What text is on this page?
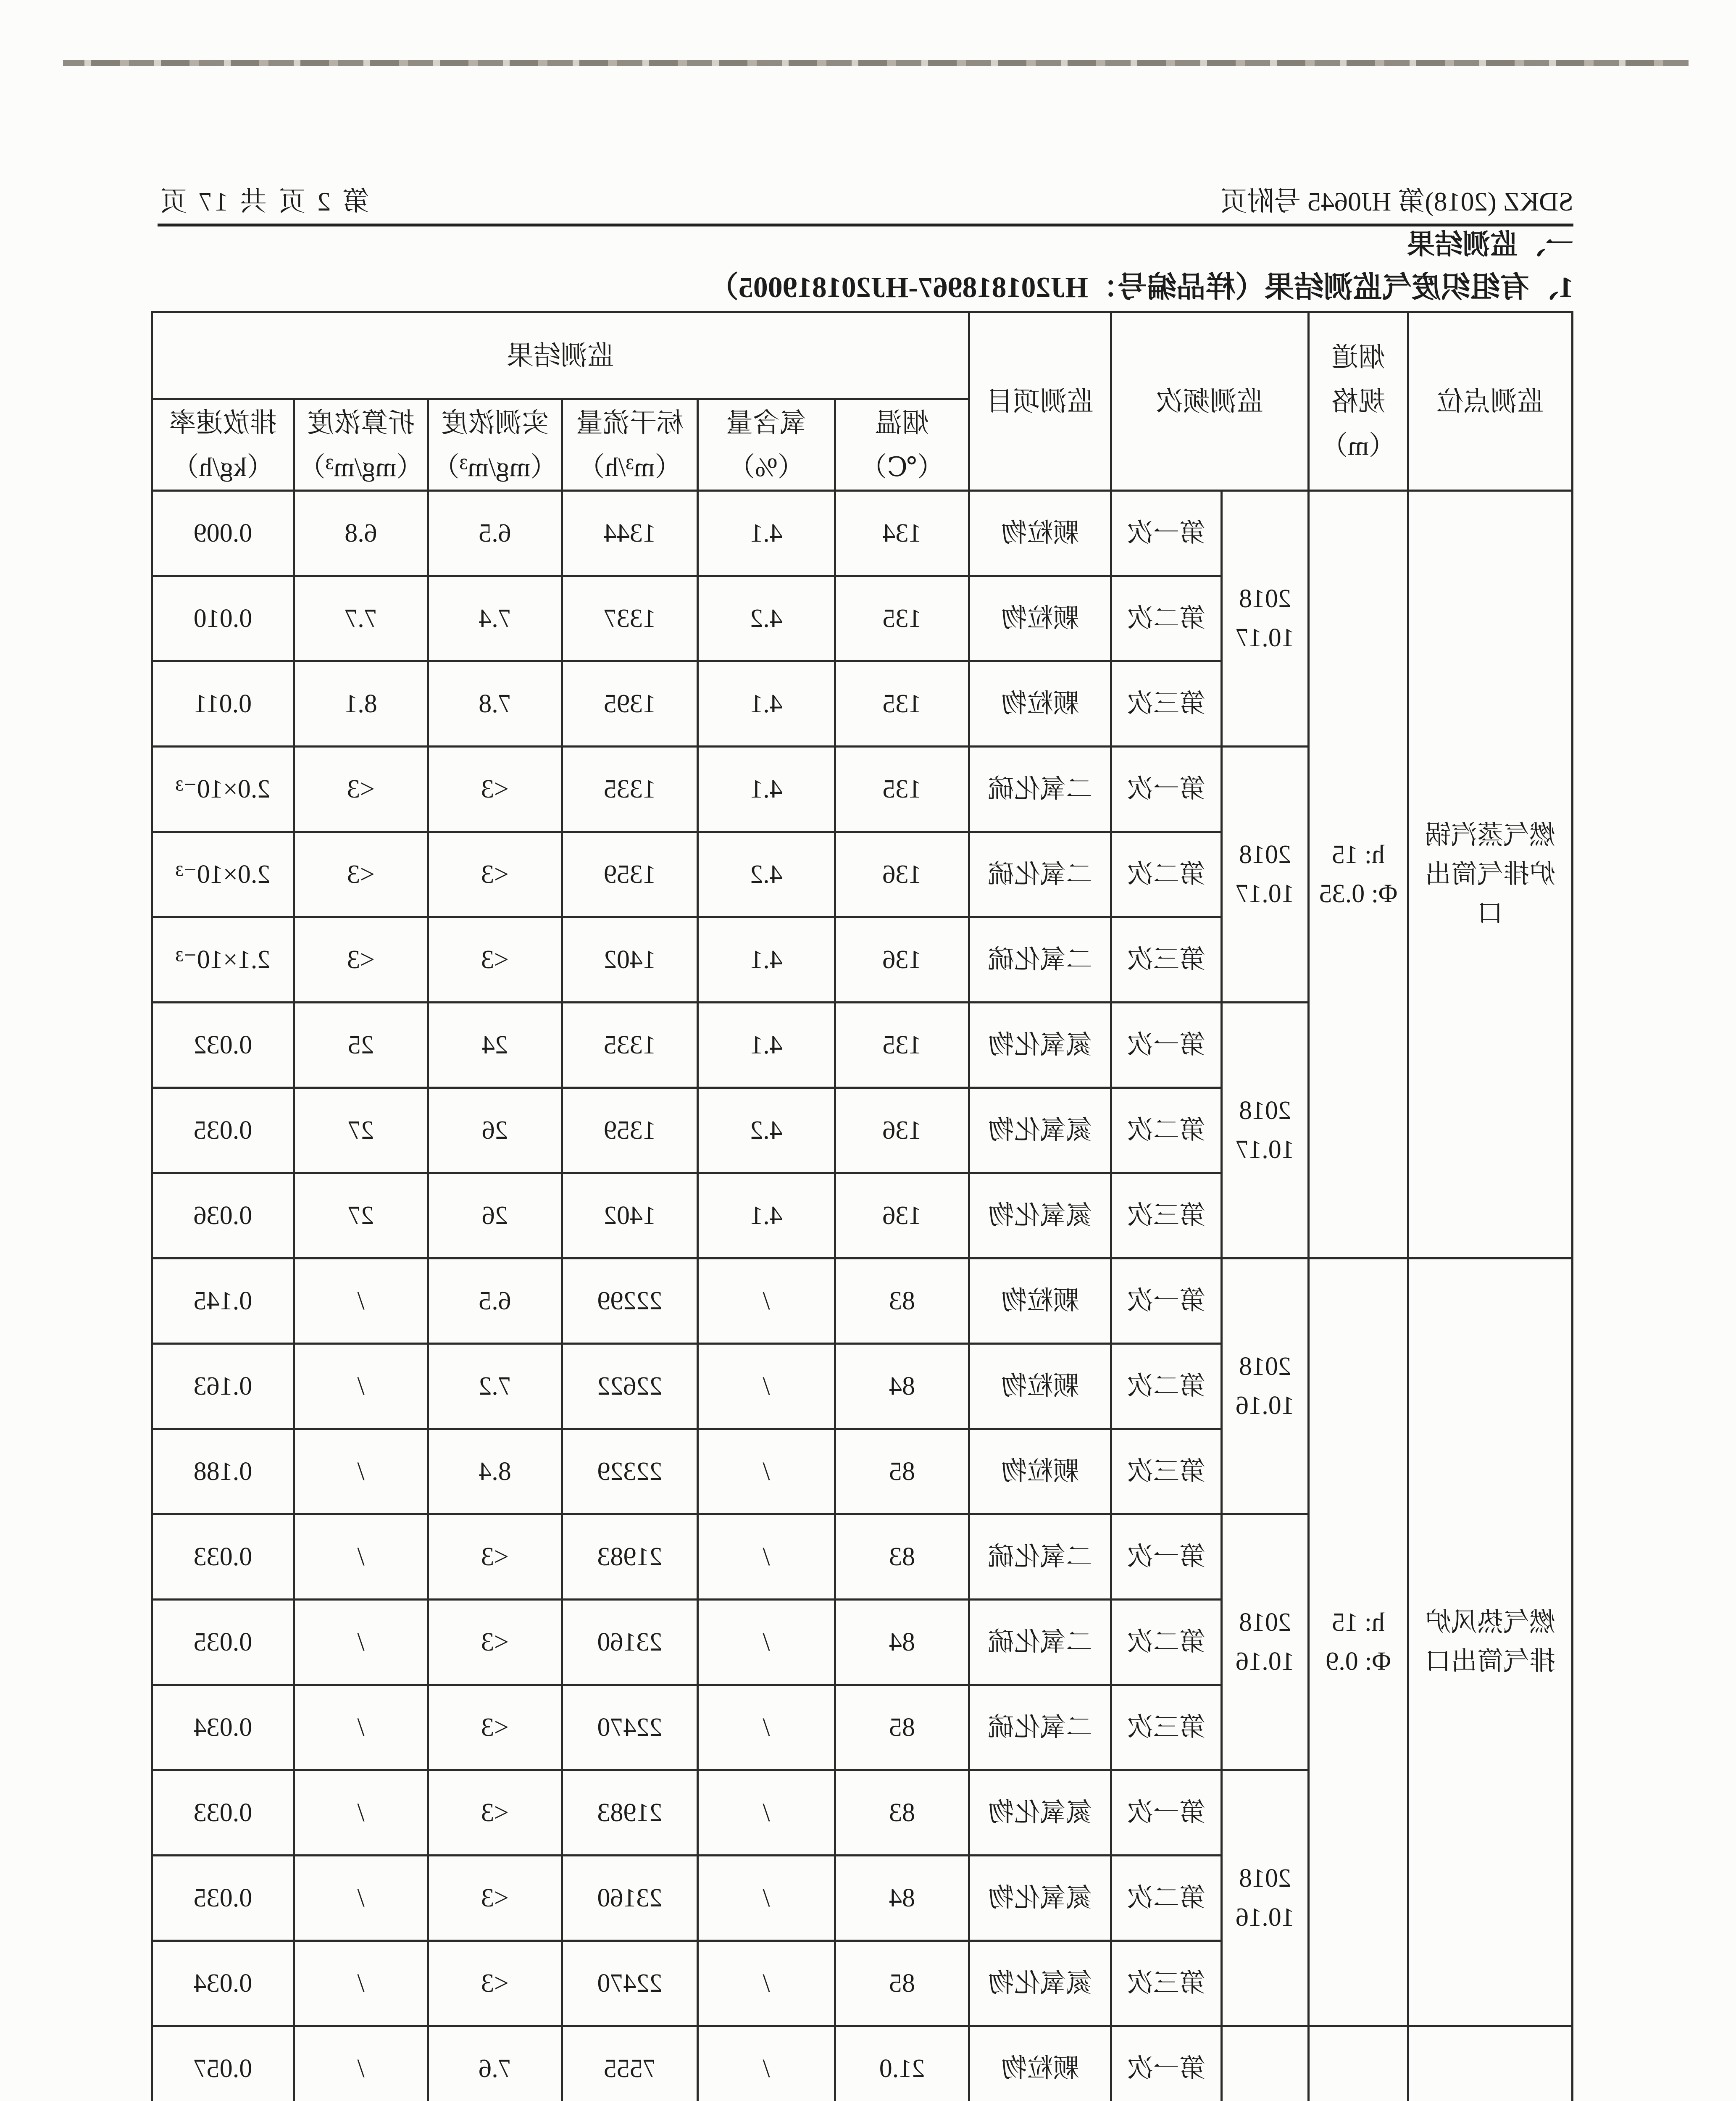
SDKZ (2018)第 HJ0645 号附页
第 2 页 共 17 页
一、监测结果
1、有组织废气监测结果（样品编号：HJ201818967-HJ201819005）
监测点位	烟道
规格
（m）	监测频次		监测项目	监测结果					

					烟温
（℃）	氧含量
（%）	标干流量
（m³/h）	实测浓度
（mg/m³）	折算浓度
（mg/m³）	排放速率
（kg/h）

燃气蒸汽锅
炉排气筒出
口	h: 15
Φ: 0.35	2018
10.17	第一次	颗粒物	134	4.1	1344	6.5	6.8	0.009
			第二次	颗粒物	135	4.2	1337	7.4	7.7	0.010
			第三次	颗粒物	135	4.1	1395	7.8	8.1	0.011

		2018
10.17	第一次	二氧化硫	135	4.1	1335	<3	<3	2.0×10⁻³
			第二次	二氧化硫	136	4.2	1359	<3	<3	2.0×10⁻³
			第三次	二氧化硫	136	4.1	1402	<3	<3	2.1×10⁻³

		2018
10.17	第一次	氮氧化物	135	4.1	1335	24	25	0.032
			第二次	氮氧化物	136	4.2	1359	26	27	0.035
			第三次	氮氧化物	136	4.1	1402	26	27	0.036

燃气热风炉
排气筒出口	h: 15
Φ: 0.9	2018
10.16	第一次	颗粒物	83	/	22299	6.5	/	0.145
			第二次	颗粒物	84	/	22622	7.2	/	0.163
			第三次	颗粒物	85	/	22329	8.4	/	0.188

		2018
10.16	第一次	二氧化硫	83	/	21983	<3	/	0.033
			第二次	二氧化硫	84	/	23160	<3	/	0.035
			第三次	二氧化硫	85	/	22470	<3	/	0.034

		2018
10.16	第一次	氮氧化物	83	/	21983	<3	/	0.033
			第二次	氮氧化物	84	/	23160	<3	/	0.035
			第三次	氮氧化物	85	/	22470	<3	/	0.034

	第一次	颗粒物	21.0	/	7555	7.6	/	0.057
